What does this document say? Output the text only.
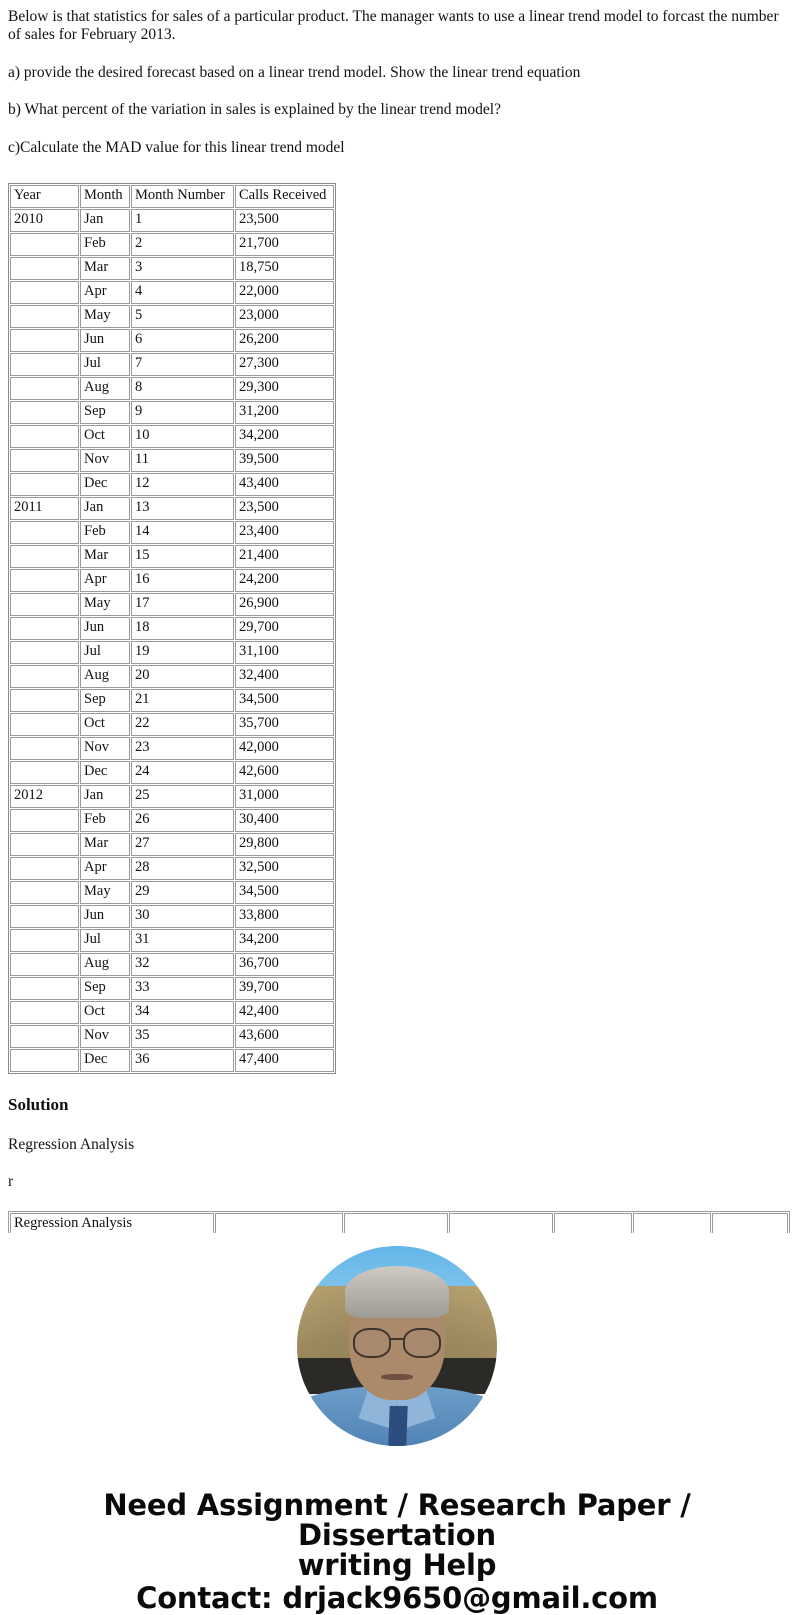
Below is that statistics for sales of a particular product. The manager wants to use a linear trend model to forcast the number of sales for February 2013.

a) provide the desired forecast based on a linear trend model. Show the linear trend equation
b) What percent of the variation in sales is explained by the linear trend model?
c)Calculate the MAD value for this linear trend model
Year	Month	Month Number	Calls Received
2010	Jan	1	23,500
	Feb	2	21,700
	Mar	3	18,750
	Apr	4	22,000
	May	5	23,000
	Jun	6	26,200
	Jul	7	27,300
	Aug	8	29,300
	Sep	9	31,200
	Oct	10	34,200
	Nov	11	39,500
	Dec	12	43,400
2011	Jan	13	23,500
	Feb	14	23,400
	Mar	15	21,400
	Apr	16	24,200
	May	17	26,900
	Jun	18	29,700
	Jul	19	31,100
	Aug	20	32,400
	Sep	21	34,500
	Oct	22	35,700
	Nov	23	42,000
	Dec	24	42,600
2012	Jan	25	31,000
	Feb	26	30,400
	Mar	27	29,800
	Apr	28	32,500
	May	29	34,500
	Jun	30	33,800
	Jul	31	34,200
	Aug	32	36,700
	Sep	33	39,700
	Oct	34	42,400
	Nov	35	43,600
	Dec	36	47,400
Solution
Regression Analysis
r
Regression Analysis						
Need Assignment / Research Paper / Dissertation
writing Help
Contact: drjack9650@gmail.com
